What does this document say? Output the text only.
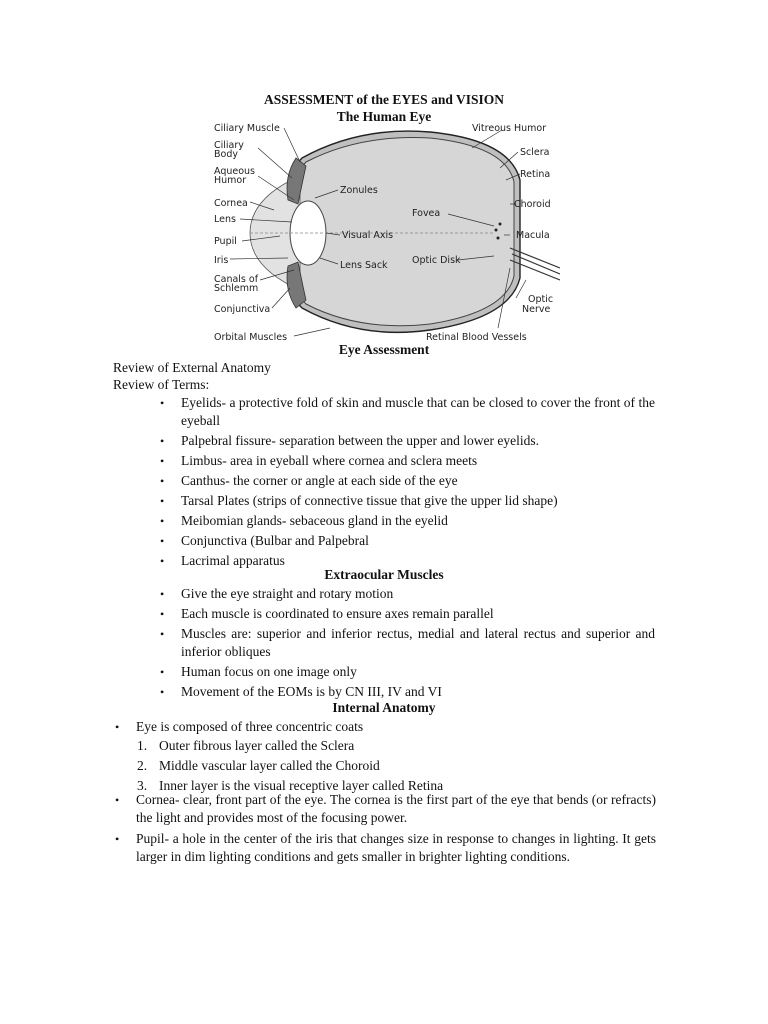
ASSESSMENT of the EYES and VISION
The Human Eye
Ciliary Muscle
Ciliary Body
Aqueous Humor
Cornea
Lens
Pupil
Iris
Canals of Schlemm
Conjunctiva
Orbital Muscles
Zonules
Visual Axis
Lens Sack
Fovea
Optic Disk
Vitreous Humor
Sclera
Retina
Choroid
Macula
Optic Nerve
Retinal Blood Vessels
Eye Assessment
Review of External Anatomy
Review of Terms:
• Eyelids- a protective fold of skin and muscle that can be closed to cover the front of the eyeball
• Palpebral fissure- separation between the upper and lower eyelids.
• Limbus- area in eyeball where cornea and sclera meets
• Canthus- the corner or angle at each side of the eye
• Tarsal Plates (strips of connective tissue that give the upper lid shape)
• Meibomian glands- sebaceous gland in the eyelid
• Conjunctiva (Bulbar and Palpebral
• Lacrimal apparatus
Extraocular Muscles
• Give the eye straight and rotary motion
• Each muscle is coordinated to ensure axes remain parallel
• Muscles are: superior and inferior rectus, medial and lateral rectus and superior and inferior obliques
• Human focus on one image only
• Movement of the EOMs is by CN III, IV and VI
Internal Anatomy
• Eye is composed of three concentric coats
1. Outer fibrous layer called the Sclera
2. Middle vascular layer called the Choroid
3. Inner layer is the visual receptive layer called Retina
• Cornea- clear, front part of the eye. The cornea is the first part of the eye that bends (or refracts) the light and provides most of the focusing power.
• Pupil- a hole in the center of the iris that changes size in response to changes in lighting. It gets larger in dim lighting conditions and gets smaller in brighter lighting conditions.
